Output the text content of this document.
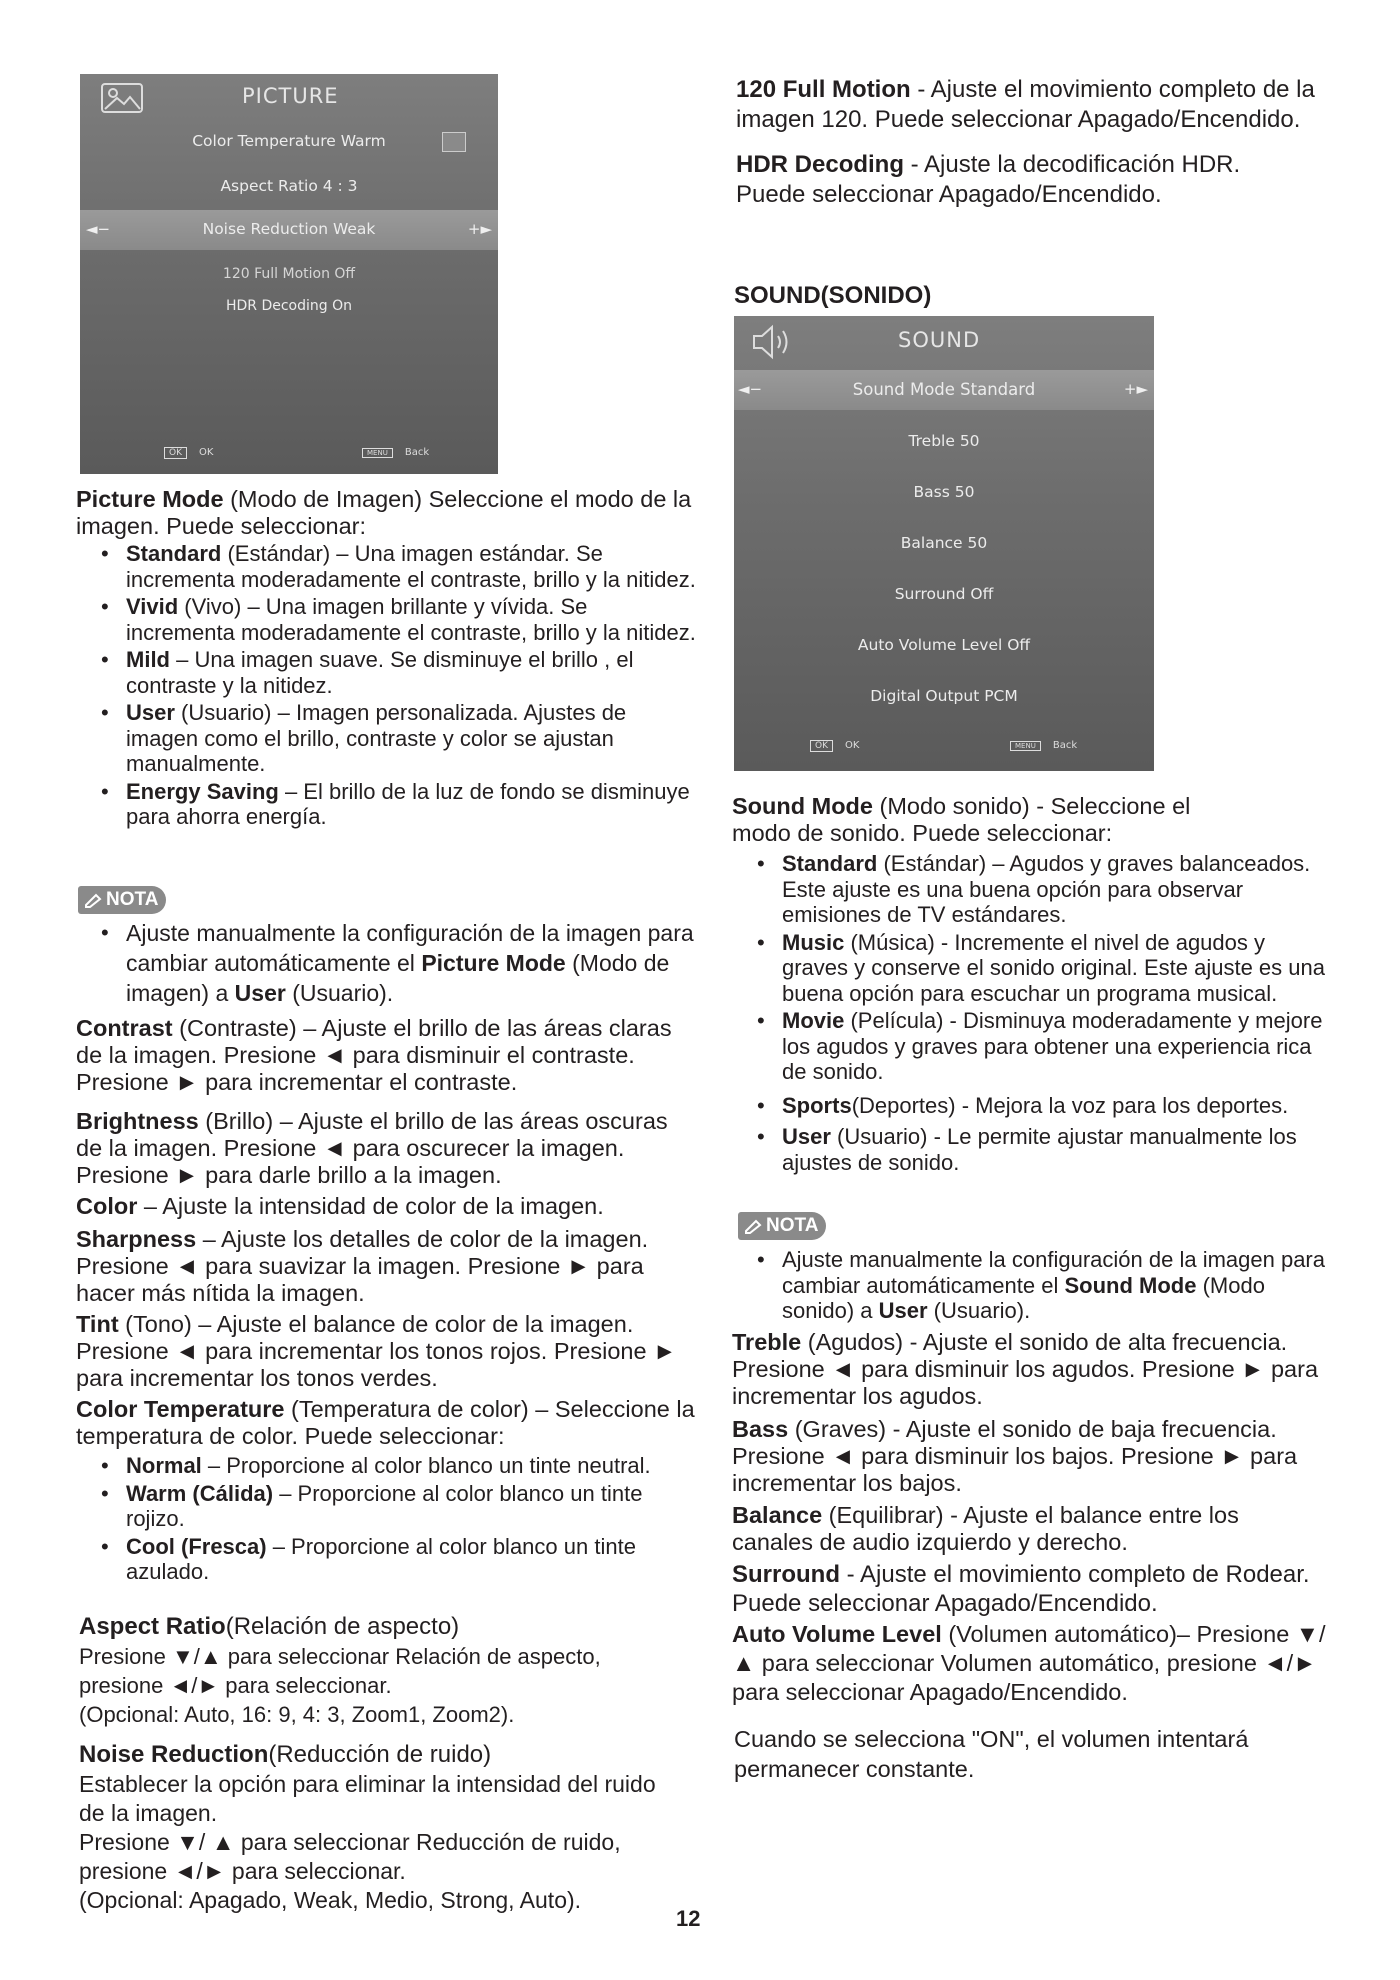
PICTURE
Color Temperature Warm
Aspect Ratio 4 : 3
◄−	Noise Reduction Weak	+►
120 Full Motion Off
HDR Decoding On
OK OK	MENU Back

Picture Mode (Modo de Imagen) Seleccione el modo de la imagen. Puede seleccionar:

• Standard (Estándar) – Una imagen estándar. Se incrementa moderadamente el contraste, brillo y la nitidez.
• Vivid (Vivo) – Una imagen brillante y vívida. Se incrementa moderadamente el contraste, brillo y la nitidez.
• Mild – Una imagen suave. Se disminuye el brillo , el contraste y la nitidez.
• User (Usuario) – Imagen personalizada. Ajustes de imagen como el brillo, contraste y color se ajustan manualmente.
• Energy Saving – El brillo de la luz de fondo se disminuye para ahorra energía.
NOTA
• Ajuste manualmente la configuración de la imagen para cambiar automáticamente el Picture Mode (Modo de imagen) a User (Usuario).

Contrast (Contraste) – Ajuste el brillo de las áreas claras de la imagen. Presione ◄ para disminuir el contraste. Presione ► para incrementar el contraste.

Brightness (Brillo) – Ajuste el brillo de las áreas oscuras de la imagen. Presione ◄ para oscurecer la imagen. Presione ► para darle brillo a la imagen.

Color – Ajuste la intensidad de color de la imagen.

Sharpness – Ajuste los detalles de color de la imagen. Presione ◄ para suavizar la imagen. Presione ► para hacer más nítida la imagen.

Tint (Tono) – Ajuste el balance de color de la imagen. Presione ◄ para incrementar los tonos rojos. Presione ► para incrementar los tonos verdes.

Color Temperature (Temperatura de color) – Seleccione la temperatura de color. Puede seleccionar:

• Normal – Proporcione al color blanco un tinte neutral.
• Warm (Cálida) – Proporcione al color blanco un tinte rojizo.
• Cool (Fresca) – Proporcione al color blanco un tinte azulado.
Aspect Ratio(Relación de aspecto)
Presione ▼/▲ para seleccionar Relación de aspecto,
presione ◄/► para seleccionar.
(Opcional: Auto, 16: 9, 4: 3, Zoom1, Zoom2).
Noise Reduction(Reducción de ruido)
Establecer la opción para eliminar la intensidad del ruido de la imagen.
Presione ▼/ ▲ para seleccionar Reducción de ruido,
presione ◄/► para seleccionar.
(Opcional: Apagado, Weak, Medio, Strong, Auto).
12

120 Full Motion - Ajuste el movimiento completo de la imagen 120. Puede seleccionar Apagado/Encendido.

HDR Decoding - Ajuste la decodificación HDR. Puede seleccionar Apagado/Encendido.

SOUND(SONIDO)
SOUND
◄−	Sound Mode Standard	+►
Treble 50
Bass 50
Balance 50
Surround Off
Auto Volume Level Off
Digital Output PCM
OK OK	MENU Back

Sound Mode (Modo sonido) - Seleccione el modo de sonido. Puede seleccionar:

• Standard (Estándar) – Agudos y graves balanceados. Este ajuste es una buena opción para observar emisiones de TV estándares.
• Music (Música) - Incremente el nivel de agudos y graves y conserve el sonido original. Este ajuste es una buena opción para escuchar un programa musical.
• Movie (Película) - Disminuya moderadamente y mejore los agudos y graves para obtener una experiencia rica de sonido.
• Sports(Deportes) - Mejora la voz para los deportes.
• User (Usuario) - Le permite ajustar manualmente los ajustes de sonido.
NOTA
• Ajuste manualmente la configuración de la imagen para cambiar automáticamente el Sound Mode (Modo sonido) a User (Usuario).

Treble (Agudos) - Ajuste el sonido de alta frecuencia. Presione ◄ para disminuir los agudos. Presione ► para incrementar los agudos.

Bass (Graves) - Ajuste el sonido de baja frecuencia. Presione ◄ para disminuir los bajos. Presione ► para incrementar los bajos.

Balance (Equilibrar) - Ajuste el balance entre los canales de audio izquierdo y derecho.

Surround - Ajuste el movimiento completo de Rodear. Puede seleccionar Apagado/Encendido.

Auto Volume Level (Volumen automático)– Presione ▼/▲ para seleccionar Volumen automático, presione ◄/► para seleccionar Apagado/Encendido.

Cuando se selecciona "ON", el volumen intentará permanecer constante.
